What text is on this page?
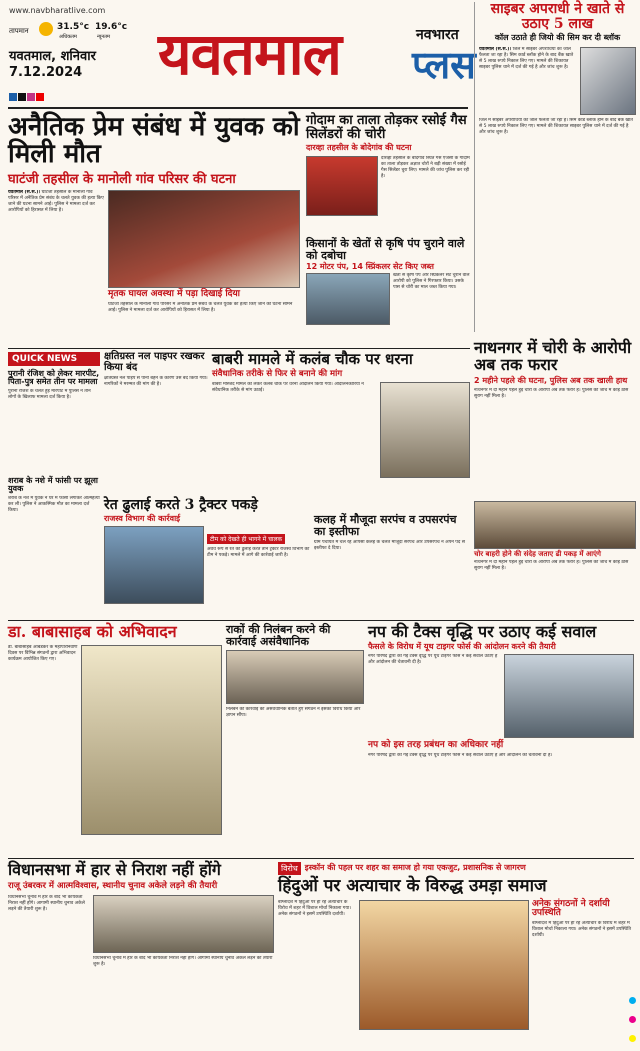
www.navbharatlive.com
तापमान	31.5°c
अधिकतम
19.6°c
न्यूनतम
यवतमाल, शनिवार
7.12.2024 यवतमाल	नवभारत
प्लस
साइबर अपराधी ने खाते से उठाए 5 लाख
कॉल उठाते ही जियो की सिम कर दी ब्लॉक
यवतमाल (स.सं.)। जिले में साइबर अपराधियों का जाल फैलता जा रहा है। सिम कार्ड ब्लॉक होने के बाद बैंक खाते से 5 लाख रुपये निकाल लिए गए। मामले की शिकायत साइबर पुलिस थाने में दर्ज की गई है और जांच शुरू है।
जिले में साइबर अपराधियों का जाल फैलता जा रहा है। सिम कार्ड ब्लॉक होने के बाद बैंक खाते से 5 लाख रुपये निकाल लिए गए। मामले की शिकायत साइबर पुलिस थाने में दर्ज की गई है और जांच शुरू है।
अनैतिक प्रेम संबंध में युवक को मिली मौत
घाटंजी तहसील के मानोली गांव परिसर की घटना
यवतमाल (स.सं.)। घाटंजी तहसील के मानोली गांव परिसर में अनैतिक प्रेम संबंध के चलते युवक की हत्या किए जाने की घटना सामने आई। पुलिस ने मामला दर्ज कर आरोपियों को हिरासत में लिया है।
मृतक घायल अवस्था में पड़ा दिखाई दिया
घाटंजी तहसील के मानोली गांव परिसर में अनैतिक प्रेम संबंध के चलते युवक की हत्या किए जाने की घटना सामने आई। पुलिस ने मामला दर्ज कर आरोपियों को हिरासत में लिया है।
गोदाम का ताला तोड़कर रसोई गैस सिलेंडरों की चोरी
दारव्हा तहसील के बोदेगांव की घटना
दारव्हा तहसील के बोदेगांव स्थित गैस एजेंसी के गोदाम का ताला तोड़कर अज्ञात चोरों ने बड़ी संख्या में रसोई गैस सिलेंडर चुरा लिए। मामले की जांच पुलिस कर रही है।
किसानों के खेतों से कृषि पंप चुराने वाले को दबोचा
12 मोटर पंप, 14 स्प्रिंकलर सेट किए जब्त
खेतों से कृषि पंप और स्प्रिंकलर सेट चुराने वाले आरोपी को पुलिस ने गिरफ्तार किया। उसके पास से चोरी का माल जब्त किया गया।
QUICK NEWS
पुरानी रंजिश को लेकर मारपीट, पिता-पुत्र समेत तीन पर मामला
पुरानी रंजिश के चलते हुई मारपीट में पुलिस ने तीन लोगों के खिलाफ मामला दर्ज किया है।
शराब के नशे में फांसी पर झूला युवक
शराब के नशे में युवक ने घर में फांसी लगाकर आत्महत्या कर ली। पुलिस ने आकस्मिक मौत का मामला दर्ज किया।
क्षतिग्रस्त नल पाइपर रखकर किया बंद
क्षतिग्रस्त नल पाइप से पानी बहने के कारण उसे बंद किया गया। नागरिकों ने मरम्मत की मांग की है।
बाबरी मामले में कलंब चौक पर धरना
संवैधानिक तरीके से फिर से बनाने की मांग
बाबरी मस्जिद मामले को लेकर कलंब चौक पर धरना आंदोलन किया गया। आंदोलनकारियों ने संवैधानिक तरीके से मांग उठाई।
नाथनगर में चोरी के आरोपी अब तक फरार
2 महीने पहले की घटना, पुलिस अब तक खाली हाथ
नाथनगर में दो महीने पहले हुई चोरी के आरोपी अब तक फरार हैं। पुलिस की जांच में कोई ठोस सुराग नहीं मिला है।
चोर बाहरी होने की संदेह जताए ढी पकड़ में आएंगे
नाथनगर में दो महीने पहले हुई चोरी के आरोपी अब तक फरार हैं। पुलिस की जांच में कोई ठोस सुराग नहीं मिला है।
रेत ढुलाई करते 3 ट्रैक्टर पकड़े
राजस्व विभाग की कार्रवाई
टीम को देखते ही भागने में चालक
अवैध रूप से रेत की ढुलाई करते तीन ट्रैक्टर राजस्व विभाग की टीम ने पकड़े। मामले में आगे की कार्रवाई जारी है।
कलह में मौजूदा सरपंच व उपसरपंच का इस्तीफा
ग्राम पंचायत में चल रहे आपसी कलह के चलते मौजूदा सरपंच और उपसरपंच ने अपने पद से इस्तीफा दे दिया।
डा. बाबासाहब को अभिवादन
डॉ. बाबासाहब आंबेडकर के महापरिनिर्वाण दिवस पर विभिन्न संगठनों द्वारा अभिवादन कार्यक्रम आयोजित किए गए।
राकों की निलंबन करने की कार्रवाई असंवैधानिक
निलंबन की कार्रवाई को असंवैधानिक बताते हुए संगठन ने इसका विरोध किया और ज्ञापन सौंपा।
नप की टैक्स वृद्धि पर उठाए कई सवाल
फैसले के विरोध में यूथ टाइगर फोर्स की आंदोलन करने की तैयारी
नगर परिषद द्वारा की गई टैक्स वृद्धि पर यूथ टाइगर फोर्स ने कई सवाल उठाए हैं और आंदोलन की चेतावनी दी है।
नप को इस तरह प्रबंधन का अधिकार नहीं
नगर परिषद द्वारा की गई टैक्स वृद्धि पर यूथ टाइगर फोर्स ने कई सवाल उठाए हैं और आंदोलन की चेतावनी दी है।
विधानसभा में हार से निराश नहीं होंगे
राजू उंबरकर में आत्मविश्वास, स्थानीय चुनाव अकेले लड़ने की तैयारी
विधानसभा चुनाव में हार के बाद भी कार्यकर्ता निराश नहीं होंगे। आगामी स्थानीय चुनाव अकेले लड़ने की तैयारी शुरू है।
विधानसभा चुनाव में हार के बाद भी कार्यकर्ता निराश नहीं होंगे। आगामी स्थानीय चुनाव अकेले लड़ने की तैयारी शुरू है।
विरोध इस्कॉन की पहल पर शहर का समाज हो गया एकजुट, प्रशासनिक से जागरण
हिंदुओं पर अत्याचार के विरुद्ध उमड़ा समाज
बांग्लादेश में हिंदुओं पर हो रहे अत्याचार के विरोध में शहर में विशाल मोर्चा निकाला गया। अनेक संगठनों ने इसमें उपस्थिति दर्शायी।
अनेक संगठनों ने दर्शायी उपस्थिति
बांग्लादेश में हिंदुओं पर हो रहे अत्याचार के विरोध में शहर में विशाल मोर्चा निकाला गया। अनेक संगठनों ने इसमें उपस्थिति दर्शायी।
